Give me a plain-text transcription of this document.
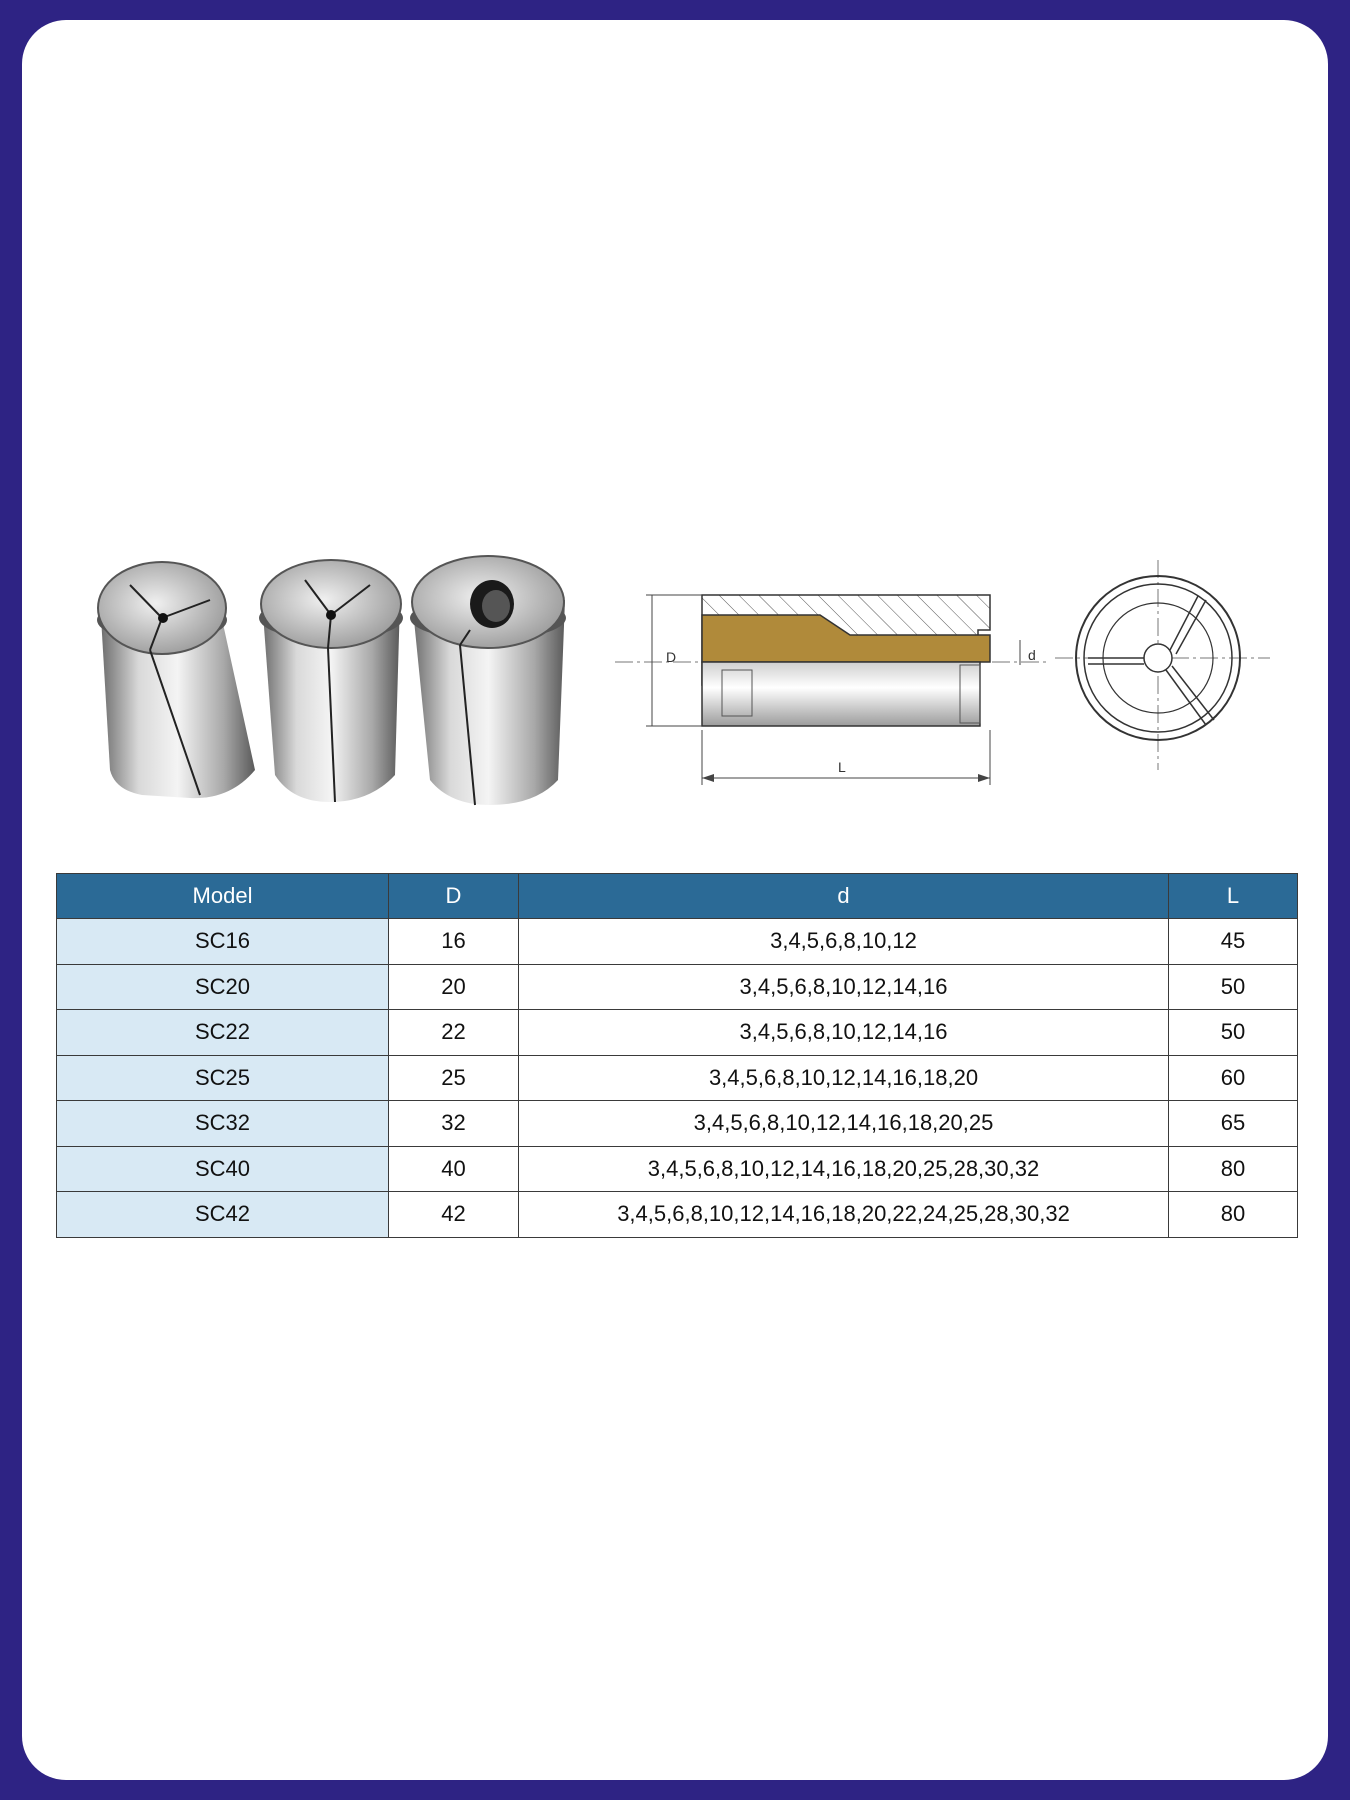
D	d
L
Model	D	d	L
SC16	16	3,4,5,6,8,10,12	45
SC20	20	3,4,5,6,8,10,12,14,16	50
SC22	22	3,4,5,6,8,10,12,14,16	50
SC25	25	3,4,5,6,8,10,12,14,16,18,20	60
SC32	32	3,4,5,6,8,10,12,14,16,18,20,25	65
SC40	40	3,4,5,6,8,10,12,14,16,18,20,25,28,30,32	80
SC42	42	3,4,5,6,8,10,12,14,16,18,20,22,24,25,28,30,32	80
